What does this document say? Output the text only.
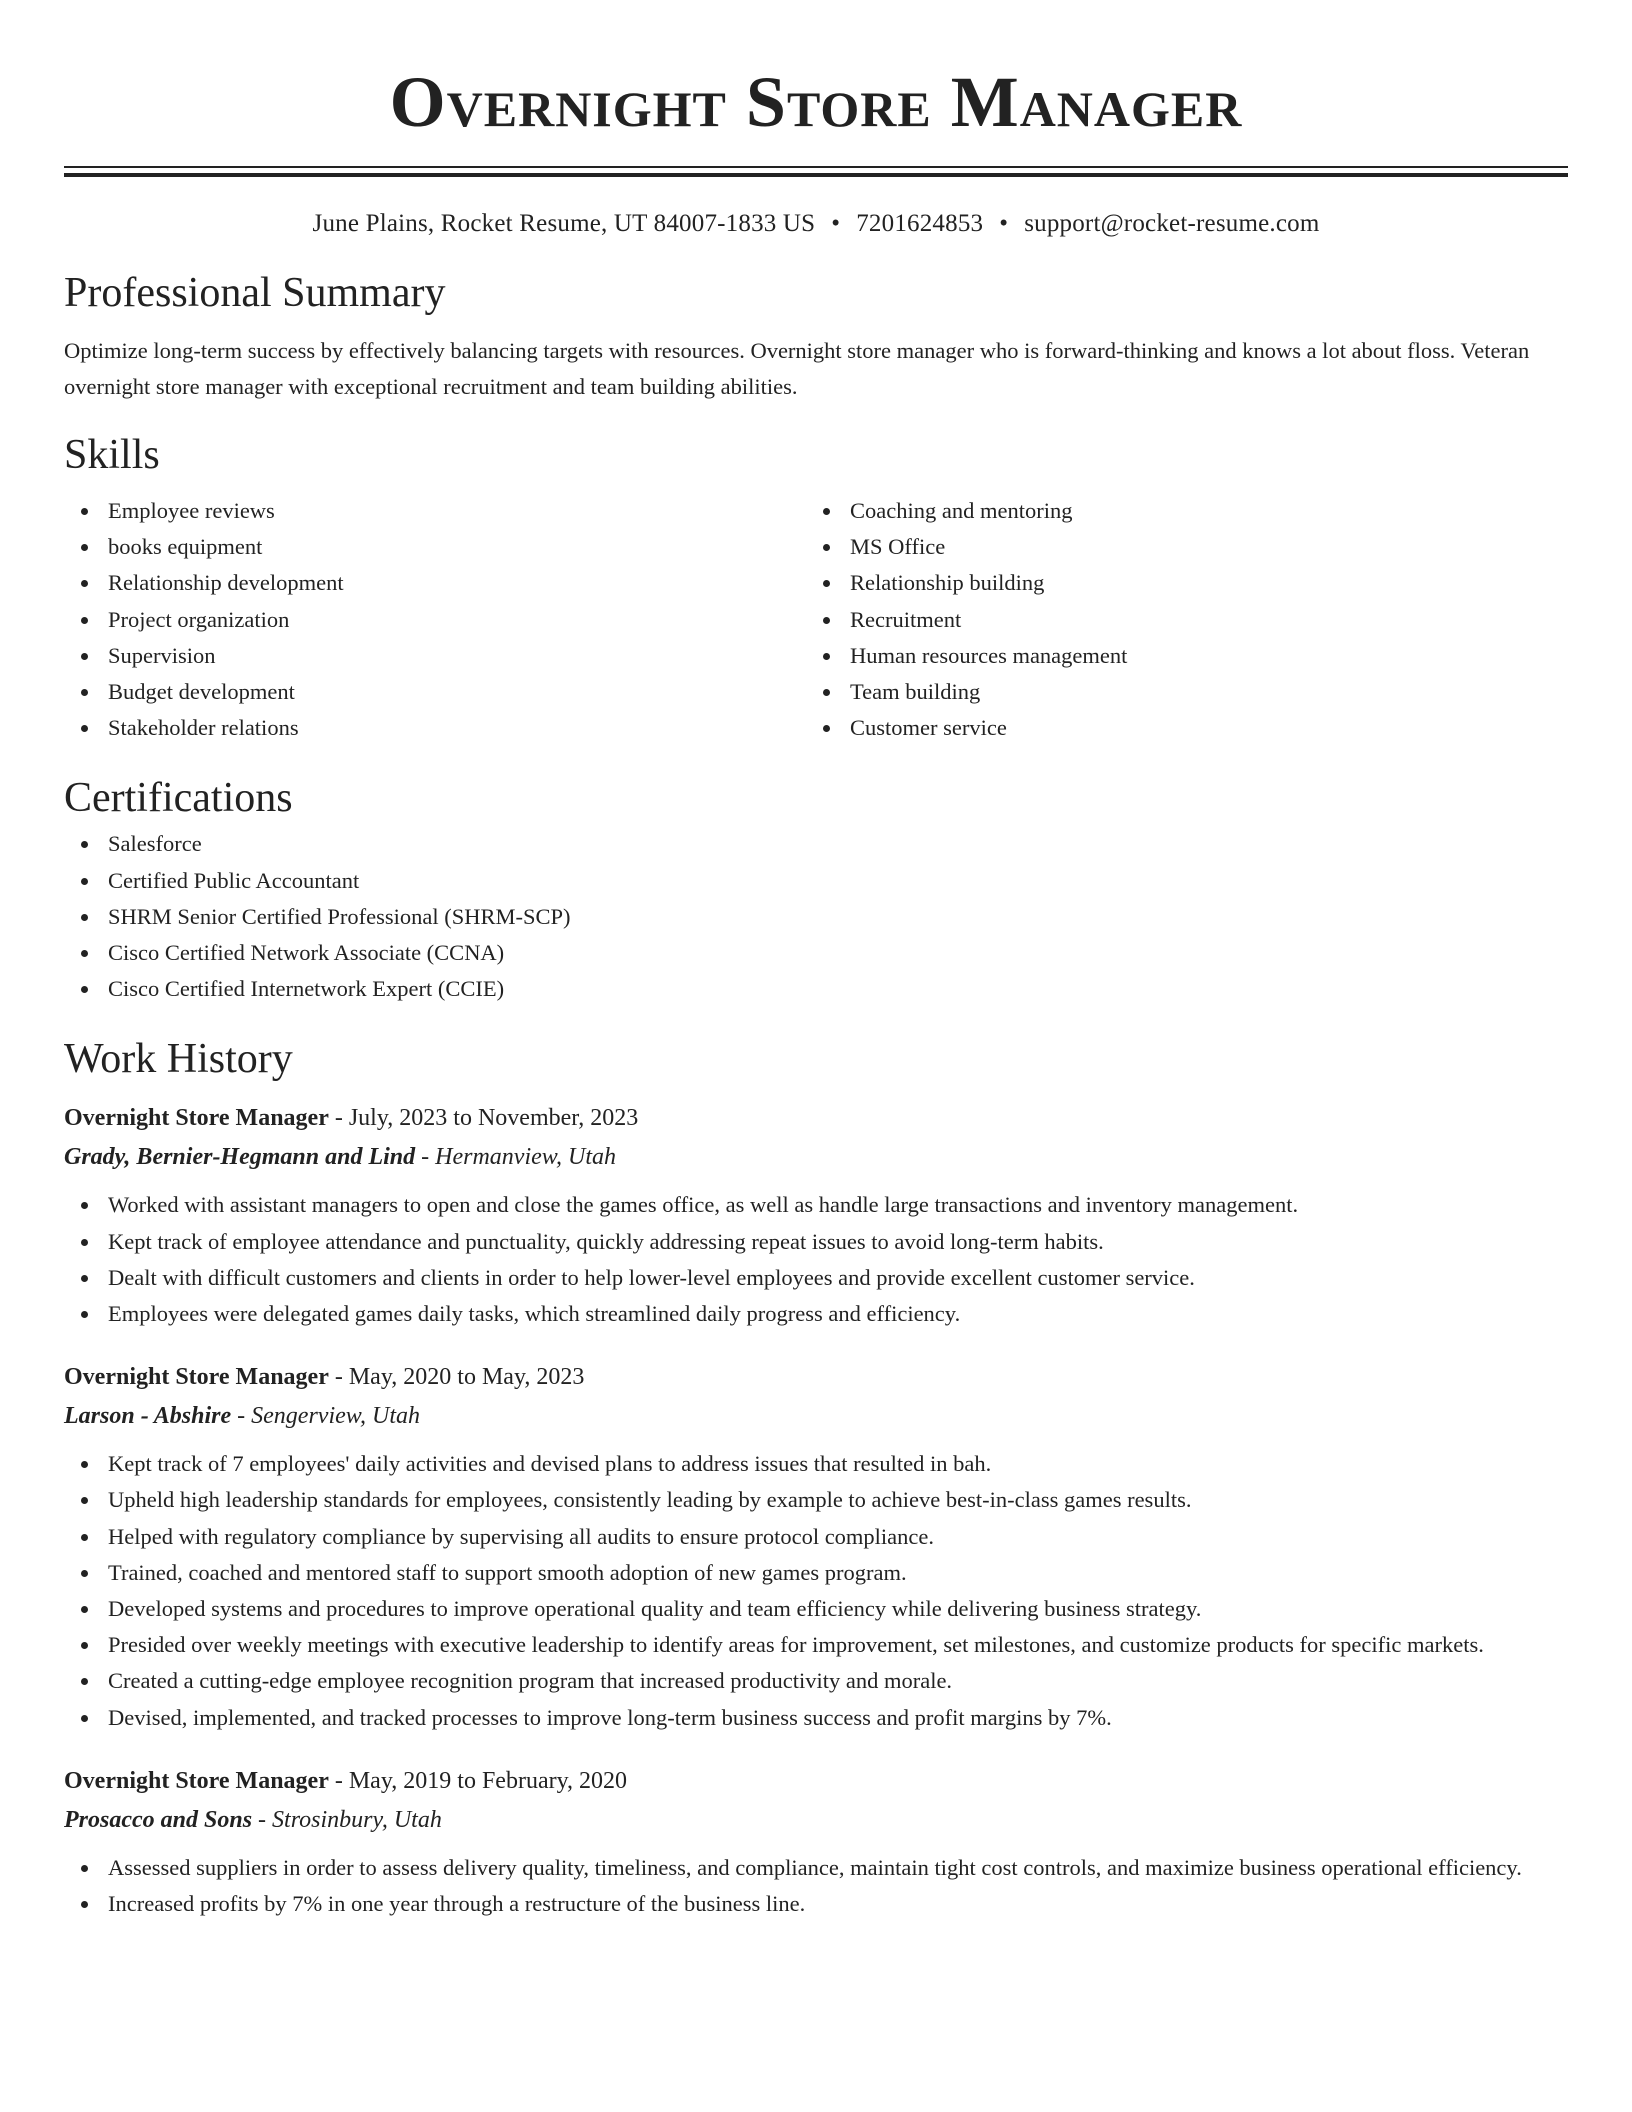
Overnight Store Manager
June Plains, Rocket Resume, UT 84007-1833 US • 7201624853 • support@rocket-resume.com
Professional Summary

Optimize long-term success by effectively balancing targets with resources. Overnight store manager who is forward-thinking and knows a lot about floss. Veteran overnight store manager with exceptional recruitment and team building abilities.

Skills
Employee reviews
books equipment
Relationship development
Project organization
Supervision
Budget development
Stakeholder relations
Coaching and mentoring
MS Office
Relationship building
Recruitment
Human resources management
Team building
Customer service
Certifications
Salesforce
Certified Public Accountant
SHRM Senior Certified Professional (SHRM-SCP)
Cisco Certified Network Associate (CCNA)
Cisco Certified Internetwork Expert (CCIE)
Work History
Overnight Store Manager - July, 2023 to November, 2023
Grady, Bernier-Hegmann and Lind - Hermanview, Utah
Worked with assistant managers to open and close the games office, as well as handle large transactions and inventory management.
Kept track of employee attendance and punctuality, quickly addressing repeat issues to avoid long-term habits.
Dealt with difficult customers and clients in order to help lower-level employees and provide excellent customer service.
Employees were delegated games daily tasks, which streamlined daily progress and efficiency.
Overnight Store Manager - May, 2020 to May, 2023
Larson - Abshire - Sengerview, Utah
Kept track of 7 employees' daily activities and devised plans to address issues that resulted in bah.
Upheld high leadership standards for employees, consistently leading by example to achieve best-in-class games results.
Helped with regulatory compliance by supervising all audits to ensure protocol compliance.
Trained, coached and mentored staff to support smooth adoption of new games program.
Developed systems and procedures to improve operational quality and team efficiency while delivering business strategy.
Presided over weekly meetings with executive leadership to identify areas for improvement, set milestones, and customize products for specific markets.
Created a cutting-edge employee recognition program that increased productivity and morale.
Devised, implemented, and tracked processes to improve long-term business success and profit margins by 7%.
Overnight Store Manager - May, 2019 to February, 2020
Prosacco and Sons - Strosinbury, Utah
Assessed suppliers in order to assess delivery quality, timeliness, and compliance, maintain tight cost controls, and maximize business operational efficiency.
Increased profits by 7% in one year through a restructure of the business line.
